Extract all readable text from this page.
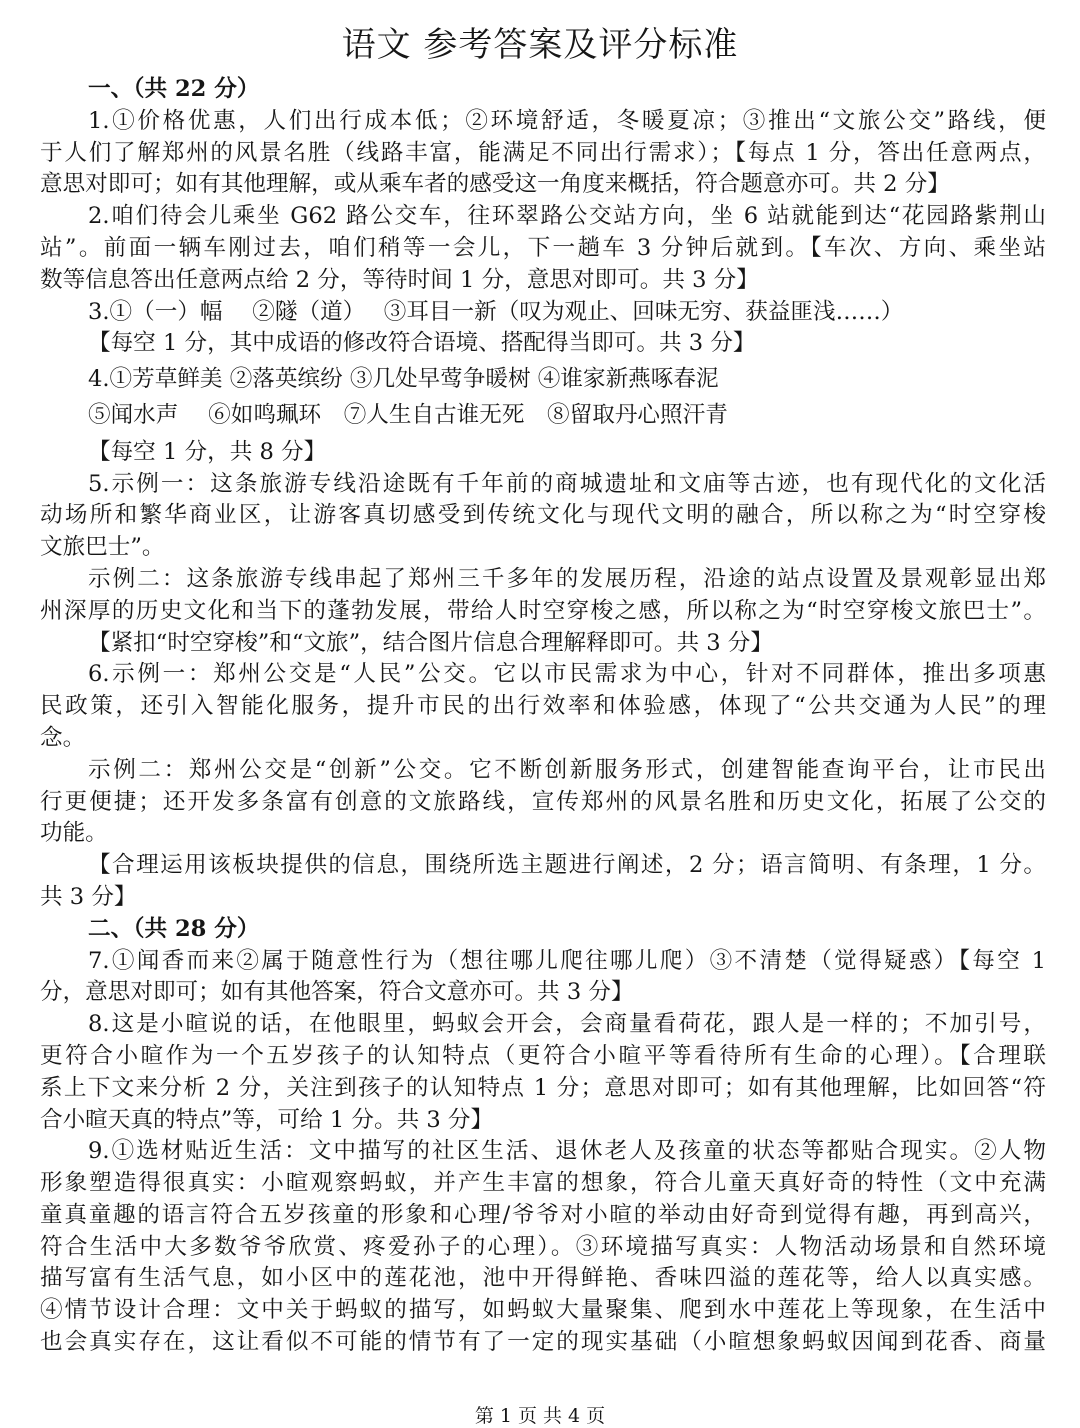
语文 参考答案及评分标准
一、（共 22 分）
1.①价格优惠，人们出行成本低；②环境舒适，冬暖夏凉；③推出“文旅公交”路线，便
于人们了解郑州的风景名胜（线路丰富，能满足不同出行需求）；【每点 1 分，答出任意两点，
意思对即可；如有其他理解，或从乘车者的感受这一角度来概括，符合题意亦可。共 2 分】
2.咱们待会儿乘坐 G62 路公交车，往环翠路公交站方向，坐 6 站就能到达“花园路紫荆山
站”。前面一辆车刚过去，咱们稍等一会儿，下一趟车 3 分钟后就到。【车次、方向、乘坐站
数等信息答出任意两点给 2 分，等待时间 1 分，意思对即可。共 3 分】
3.①（一）幅　 ②隧（道）　 ③耳目一新（叹为观止、回味无穷、获益匪浅……）
【每空 1 分，其中成语的修改符合语境、搭配得当即可。共 3 分】
4.①芳草鲜美 ②落英缤纷 ③几处早莺争暖树 ④谁家新燕啄春泥
⑤闻水声　 ⑥如鸣珮环　⑦人生自古谁无死　⑧留取丹心照汗青
【每空 1 分，共 8 分】
5.示例一：这条旅游专线沿途既有千年前的商城遗址和文庙等古迹，也有现代化的文化活
动场所和繁华商业区，让游客真切感受到传统文化与现代文明的融合，所以称之为“时空穿梭
文旅巴士”。
示例二：这条旅游专线串起了郑州三千多年的发展历程，沿途的站点设置及景观彰显出郑
州深厚的历史文化和当下的蓬勃发展，带给人时空穿梭之感，所以称之为“时空穿梭文旅巴士”。
【紧扣“时空穿梭”和“文旅”，结合图片信息合理解释即可。共 3 分】
6.示例一：郑州公交是“人民”公交。它以市民需求为中心，针对不同群体，推出多项惠
民政策，还引入智能化服务，提升市民的出行效率和体验感，体现了“公共交通为人民”的理
念。
示例二：郑州公交是“创新”公交。它不断创新服务形式，创建智能查询平台，让市民出
行更便捷；还开发多条富有创意的文旅路线，宣传郑州的风景名胜和历史文化，拓展了公交的
功能。
【合理运用该板块提供的信息，围绕所选主题进行阐述，2 分；语言简明、有条理，1 分。
共 3 分】
二、（共 28 分）
7.①闻香而来②属于随意性行为（想往哪儿爬往哪儿爬）③不清楚（觉得疑惑）【每空 1
分，意思对即可；如有其他答案，符合文意亦可。共 3 分】
8.这是小暄说的话，在他眼里，蚂蚁会开会，会商量看荷花，跟人是一样的；不加引号，
更符合小暄作为一个五岁孩子的认知特点（更符合小暄平等看待所有生命的心理）。【合理联
系上下文来分析 2 分，关注到孩子的认知特点 1 分；意思对即可；如有其他理解，比如回答“符
合小暄天真的特点”等，可给 1 分。共 3 分】
9.①选材贴近生活：文中描写的社区生活、退休老人及孩童的状态等都贴合现实。②人物
形象塑造得很真实：小暄观察蚂蚁，并产生丰富的想象，符合儿童天真好奇的特性（文中充满
童真童趣的语言符合五岁孩童的形象和心理/爷爷对小暄的举动由好奇到觉得有趣，再到高兴，
符合生活中大多数爷爷欣赏、疼爱孙子的心理）。③环境描写真实：人物活动场景和自然环境
描写富有生活气息，如小区中的莲花池，池中开得鲜艳、香味四溢的莲花等，给人以真实感。
④情节设计合理：文中关于蚂蚁的描写，如蚂蚁大量聚集、爬到水中莲花上等现象，在生活中
也会真实存在，这让看似不可能的情节有了一定的现实基础（小暄想象蚂蚁因闻到花香、商量
第 1 页 共 4 页
